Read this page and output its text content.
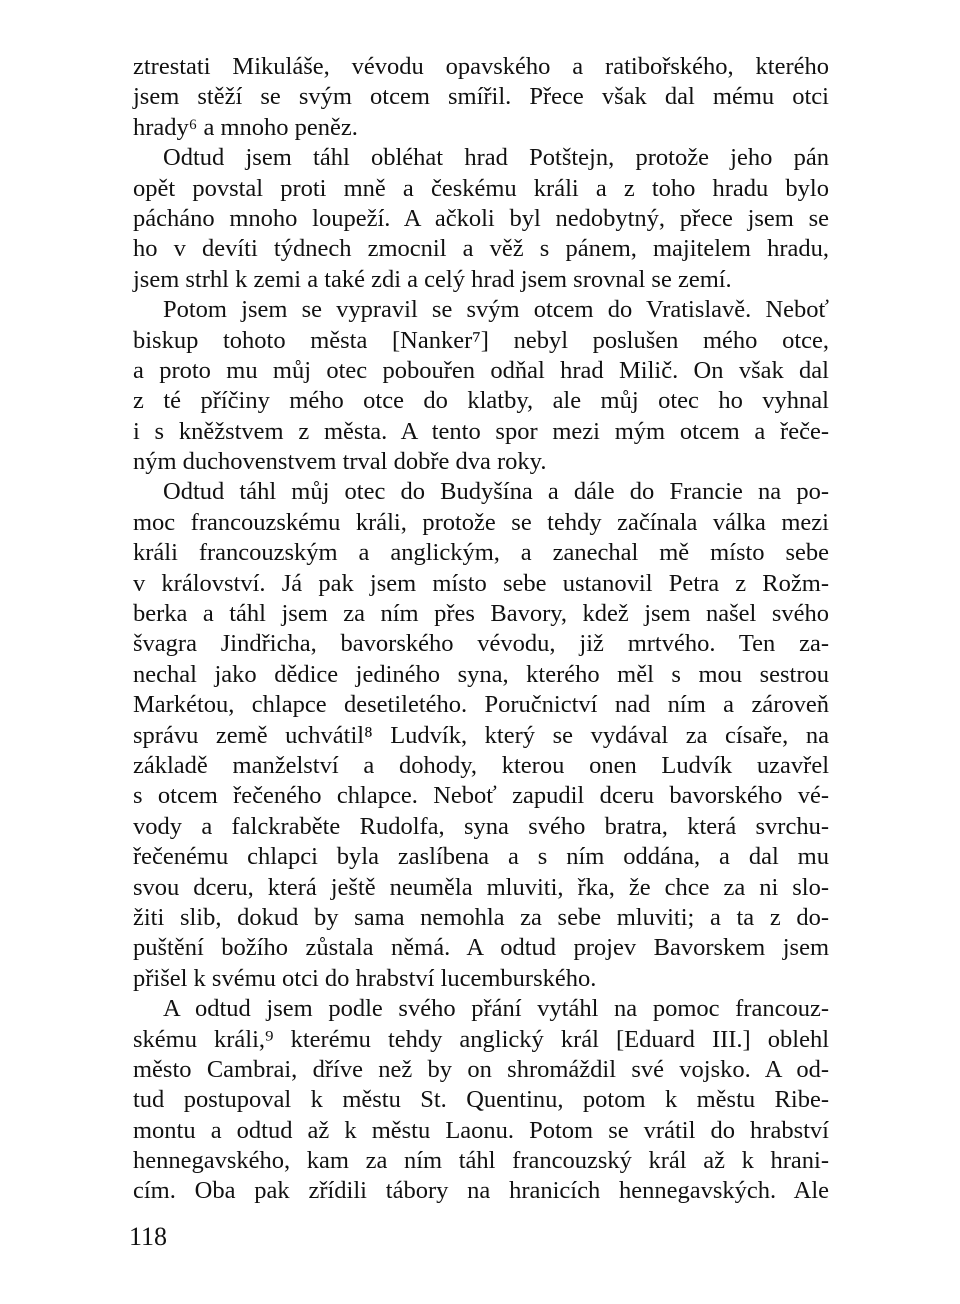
ztrestati Mikuláše, vévodu opavského a ratibořského, kterého
jsem stěží se svým otcem smířil. Přece však dal mému otci
hrady⁶ a mnoho peněz.
Odtud jsem táhl obléhat hrad Potštejn, protože jeho pán
opět povstal proti mně a českému králi a z toho hradu bylo
pácháno mnoho loupeží. A ačkoli byl nedobytný, přece jsem se
ho v devíti týdnech zmocnil a věž s pánem, majitelem hradu,
jsem strhl k zemi a také zdi a celý hrad jsem srovnal se zemí.
Potom jsem se vypravil se svým otcem do Vratislavě. Neboť
biskup tohoto města [Nanker⁷] nebyl poslušen mého otce,
a proto mu můj otec pobouřen odňal hrad Milič. On však dal
z té příčiny mého otce do klatby, ale můj otec ho vyhnal
i s kněžstvem z města. A tento spor mezi mým otcem a řeče-
ným duchovenstvem trval dobře dva roky.
Odtud táhl můj otec do Budyšína a dále do Francie na po-
moc francouzskému králi, protože se tehdy začínala válka mezi
králi francouzským a anglickým, a zanechal mě místo sebe
v království. Já pak jsem místo sebe ustanovil Petra z Rožm-
berka a táhl jsem za ním přes Bavory, kdež jsem našel svého
švagra Jindřicha, bavorského vévodu, již mrtvého. Ten za-
nechal jako dědice jediného syna, kterého měl s mou sestrou
Markétou, chlapce desetiletého. Poručnictví nad ním a zároveň
správu země uchvátil⁸ Ludvík, který se vydával za císaře, na
základě manželství a dohody, kterou onen Ludvík uzavřel
s otcem řečeného chlapce. Neboť zapudil dceru bavorského vé-
vody a falckraběte Rudolfa, syna svého bratra, která svrchu-
řečenému chlapci byla zaslíbena a s ním oddána, a dal mu
svou dceru, která ještě neuměla mluviti, řka, že chce za ni slo-
žiti slib, dokud by sama nemohla za sebe mluviti; a ta z do-
puštění božího zůstala němá. A odtud projev Bavorskem jsem
přišel k svému otci do hrabství lucemburského.
A odtud jsem podle svého přání vytáhl na pomoc francouz-
skému králi,⁹ kterému tehdy anglický král [Eduard III.] oblehl
město Cambrai, dříve než by on shromáždil své vojsko. A od-
tud postupoval k městu St. Quentinu, potom k městu Ribe-
montu a odtud až k městu Laonu. Potom se vrátil do hrabství
hennegavského, kam za ním táhl francouzský král až k hrani-
cím. Oba pak zřídili tábory na hranicích hennegavských. Ale
118
